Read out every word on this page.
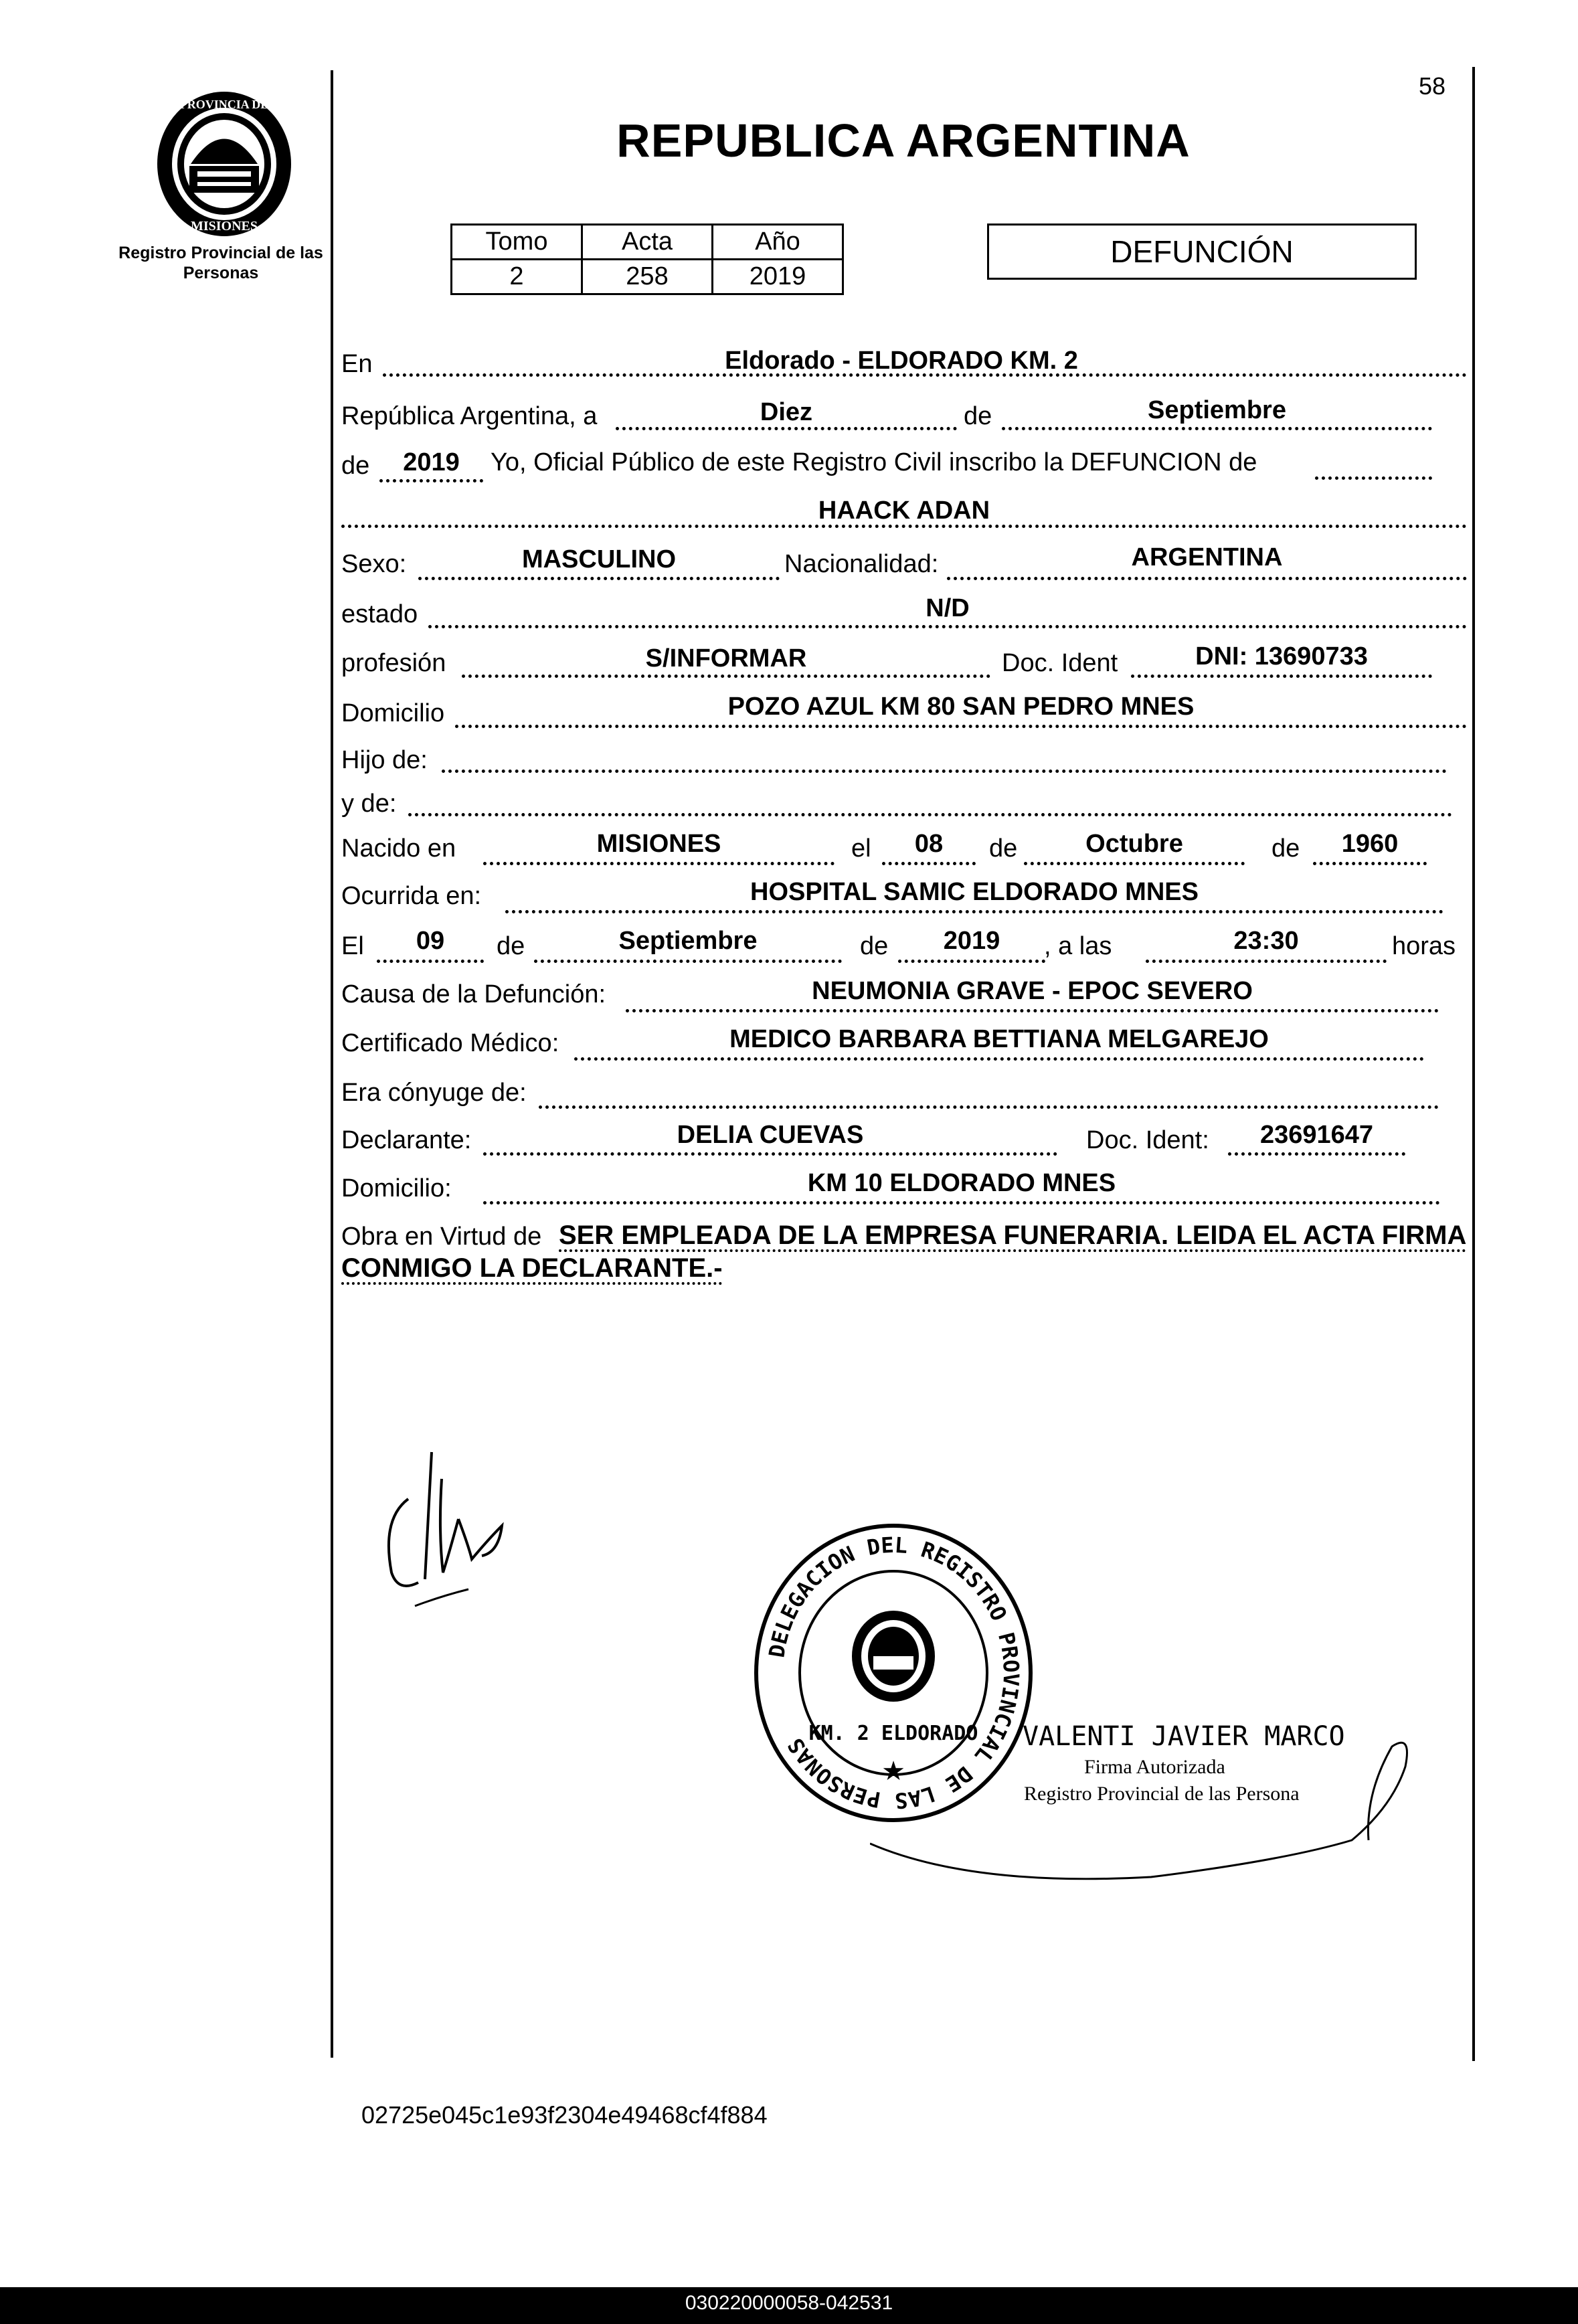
PROVINCIA DE
MISIONES
Registro Provincial de las Personas
REPUBLICA ARGENTINA
58
Tomo	Acta	Año
2	258	2019
DEFUNCIÓN
En	Eldorado - ELDORADO KM. 2
República Argentina, a	Diez	de	Septiembre
de	2019	Yo, Oficial Público de este Registro Civil inscribo la DEFUNCION de
HAACK ADAN
Sexo:	MASCULINO	Nacionalidad:	ARGENTINA
estado	N/D
profesión	S/INFORMAR	Doc. Ident	DNI: 13690733
Domicilio	POZO AZUL KM 80 SAN PEDRO MNES
Hijo de:
y de:
Nacido en	MISIONES	el	08	de	Octubre	de	1960
Ocurrida en:	HOSPITAL SAMIC ELDORADO MNES
El	09	de	Septiembre	de	2019	, a las	23:30	horas
Causa de la Defunción:	NEUMONIA GRAVE - EPOC SEVERO
Certificado Médico:	MEDICO BARBARA BETTIANA MELGAREJO
Era cónyuge de:
Declarante:	DELIA CUEVAS	Doc. Ident:	23691647
Domicilio:	KM 10 ELDORADO MNES
Obra en Virtud de SER EMPLEADA DE LA EMPRESA FUNERARIA. LEIDA EL ACTA FIRMA
CONMIGO LA DECLARANTE.-
DELEGACION DEL REGISTRO PROVINCIAL DE LAS PERSONAS
KM. 2 ELDORADO
★
VALENTI JAVIER MARCO
Firma Autorizada
Registro Provincial de las Persona
02725e045c1e93f2304e49468cf4f884
030220000058-042531
